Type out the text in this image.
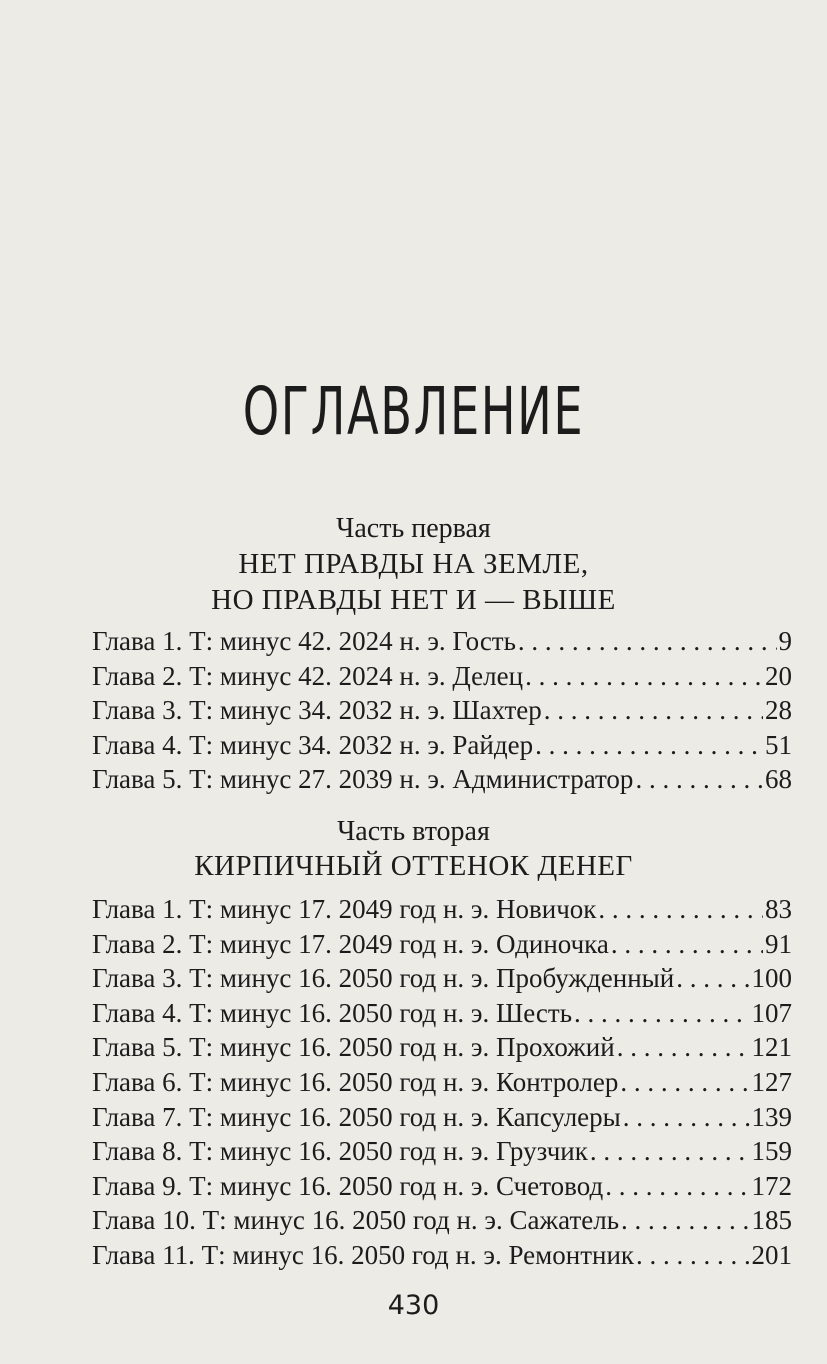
ОГЛАВЛЕНИЕ
Часть первая
НЕТ ПРАВДЫ НА ЗЕМЛЕ,
НО ПРАВДЫ НЕТ И — ВЫШЕ
Глава 1. Т: минус 42. 2024 н. э. Гость . . .	9
Глава 2. Т: минус 42. 2024 н. э. Делец . . .	20
Глава 3. Т: минус 34. 2032 н. э. Шахтер . . .	28
Глава 4. Т: минус 34. 2032 н. э. Райдер . . .	51
Глава 5. Т: минус 27. 2039 н. э. Администратор . . .	68
Часть вторая
КИРПИЧНЫЙ ОТТЕНОК ДЕНЕГ
Глава 1. Т: минус 17. 2049 год н. э. Новичок . . .	83
Глава 2. Т: минус 17. 2049 год н. э. Одиночка . . .	91
Глава 3. Т: минус 16. 2050 год н. э. Пробужденный . . .	100
Глава 4. Т: минус 16. 2050 год н. э. Шесть . . .	107
Глава 5. Т: минус 16. 2050 год н. э. Прохожий . . .	121
Глава 6. Т: минус 16. 2050 год н. э. Контролер . . .	127
Глава 7. Т: минус 16. 2050 год н. э. Капсулеры . . .	139
Глава 8. Т: минус 16. 2050 год н. э. Грузчик . . .	159
Глава 9. Т: минус 16. 2050 год н. э. Счетовод . . .	172
Глава 10. Т: минус 16. 2050 год н. э. Сажатель . . .	185
Глава 11. Т: минус 16. 2050 год н. э. Ремонтник . . .	201
430
